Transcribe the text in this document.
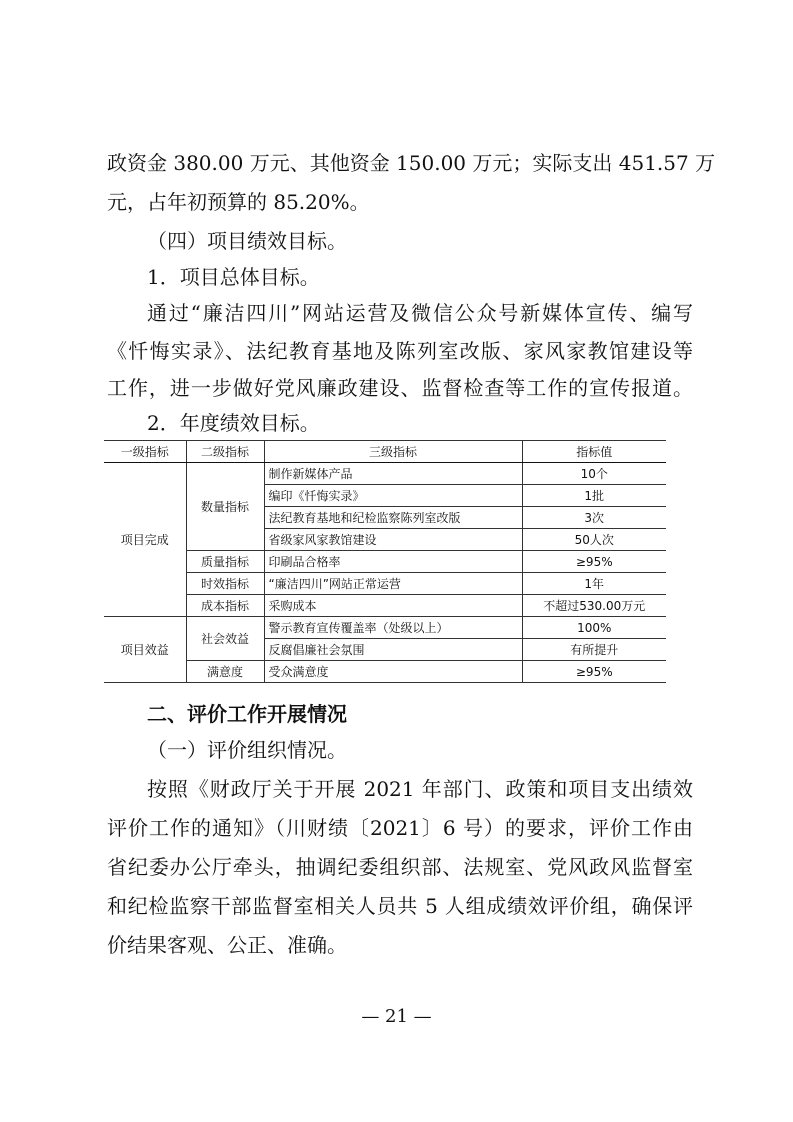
政资金 380.00 万元、其他资金 150.00 万元；实际支出 451.57 万
元，占年初预算的 85.20%。
（四）项目绩效目标。
1．项目总体目标。
通过“廉洁四川”网站运营及微信公众号新媒体宣传、编写
《忏悔实录》、法纪教育基地及陈列室改版、家风家教馆建设等
工作，进一步做好党风廉政建设、监督检查等工作的宣传报道。
2．年度绩效目标。
一级指标	二级指标	三级指标	指标值
项目完成	数量指标	制作新媒体产品	10个
		编印《忏悔实录》	1批
		法纪教育基地和纪检监察陈列室改版	3次
		省级家风家教馆建设	50人次
	质量指标	印刷品合格率	≥95%
	时效指标	“廉洁四川”网站正常运营	1年
	成本指标	采购成本	不超过530.00万元
项目效益	社会效益	警示教育宣传覆盖率（处级以上）	100%
		反腐倡廉社会氛围	有所提升
	满意度	受众满意度	≥95%
二、评价工作开展情况
（一）评价组织情况。
按照《财政厅关于开展 2021 年部门、政策和项目支出绩效
评价工作的通知》（川财绩〔2021〕6 号）的要求，评价工作由
省纪委办公厅牵头，抽调纪委组织部、法规室、党风政风监督室
和纪检监察干部监督室相关人员共 5 人组成绩效评价组，确保评
价结果客观、公正、准确。
— 21 —
